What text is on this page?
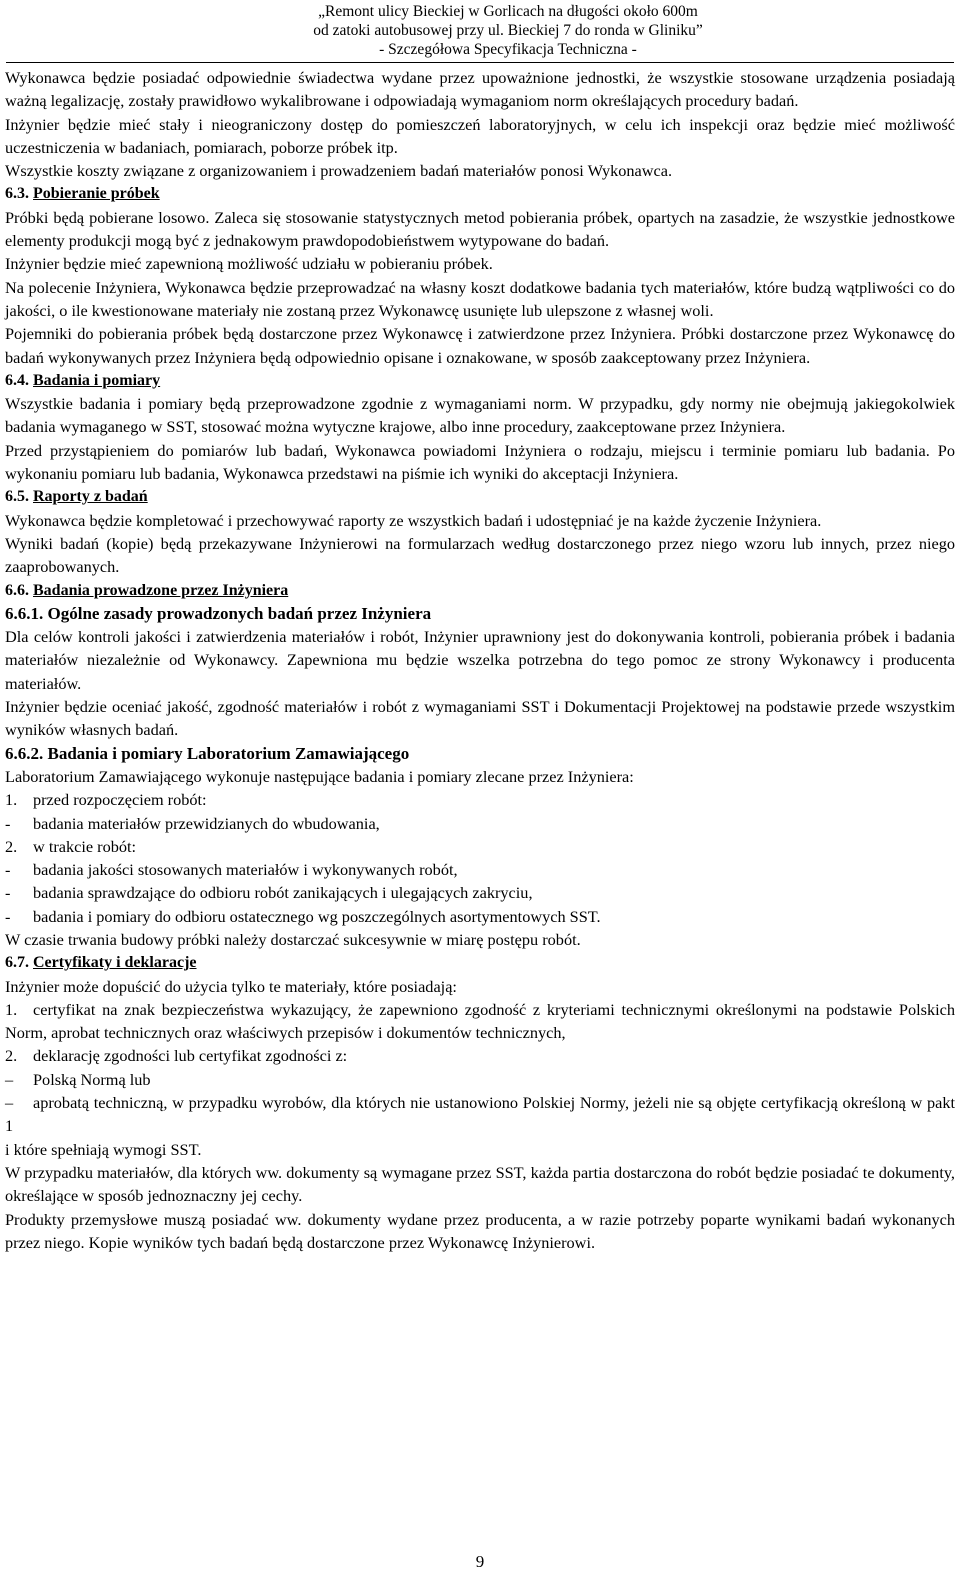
„Remont ulicy Bieckiej w Gorlicach na długości około 600m
od zatoki autobusowej przy ul. Bieckiej 7 do ronda w Gliniku”
- Szczegółowa Specyfikacja Techniczna -

Wykonawca będzie posiadać odpowiednie świadectwa wydane przez upoważnione jednostki, że wszystkie stosowane urządzenia posiadają ważną legalizację, zostały prawidłowo wykalibrowane i odpowiadają wymaganiom norm określających procedury badań.

Inżynier będzie mieć stały i nieograniczony dostęp do pomieszczeń laboratoryjnych, w celu ich inspekcji oraz będzie mieć możliwość uczestniczenia w badaniach, pomiarach, poborze próbek itp.

Wszystkie koszty związane z organizowaniem i prowadzeniem badań materiałów ponosi Wykonawca.

6.3. Pobieranie próbek

Próbki będą pobierane losowo. Zaleca się stosowanie statystycznych metod pobierania próbek, opartych na zasadzie, że wszystkie jednostkowe elementy produkcji mogą być z jednakowym prawdopodobieństwem wytypowane do badań.

Inżynier będzie mieć zapewnioną możliwość udziału w pobieraniu próbek.

Na polecenie Inżyniera, Wykonawca będzie przeprowadzać na własny koszt dodatkowe badania tych materiałów, które budzą wątpliwości co do jakości, o ile kwestionowane materiały nie zostaną przez Wykonawcę usunięte lub ulepszone z własnej woli.

Pojemniki do pobierania próbek będą dostarczone przez Wykonawcę i zatwierdzone przez Inżyniera. Próbki dostarczone przez Wykonawcę do badań wykonywanych przez Inżyniera będą odpowiednio opisane i oznakowane, w sposób zaakceptowany przez Inżyniera.

6.4. Badania i pomiary

Wszystkie badania i pomiary będą przeprowadzone zgodnie z wymaganiami norm. W przypadku, gdy normy nie obejmują jakiegokolwiek badania wymaganego w SST, stosować można wytyczne krajowe, albo inne procedury, zaakceptowane przez Inżyniera.

Przed przystąpieniem do pomiarów lub badań, Wykonawca powiadomi Inżyniera o rodzaju, miejscu i terminie pomiaru lub badania. Po wykonaniu pomiaru lub badania, Wykonawca przedstawi na piśmie ich wyniki do akceptacji Inżyniera.

6.5. Raporty z badań

Wykonawca będzie kompletować i przechowywać raporty ze wszystkich badań i udostępniać je na każde życzenie Inżyniera.

Wyniki badań (kopie) będą przekazywane Inżynierowi na formularzach według dostarczonego przez niego wzoru lub innych, przez niego zaaprobowanych.

6.6. Badania prowadzone przez Inżyniera

6.6.1. Ogólne zasady prowadzonych badań przez Inżyniera

Dla celów kontroli jakości i zatwierdzenia materiałów i robót, Inżynier uprawniony jest do dokonywania kontroli, pobierania próbek i badania materiałów niezależnie od Wykonawcy. Zapewniona mu będzie wszelka potrzebna do tego pomoc ze strony Wykonawcy i producenta materiałów.

Inżynier będzie oceniać jakość, zgodność materiałów i robót z wymaganiami SST i Dokumentacji Projektowej na podstawie przede wszystkim wyników własnych badań.

6.6.2. Badania i pomiary Laboratorium Zamawiającego

Laboratorium Zamawiającego wykonuje następujące badania i pomiary zlecane przez Inżyniera:

1. przed rozpoczęciem robót:
-	badania materiałów przewidzianych do wbudowania,
2. w trakcie robót:
-	badania jakości stosowanych materiałów i wykonywanych robót,
-	badania sprawdzające do odbioru robót zanikających i ulegających zakryciu,
-	badania i pomiary do odbioru ostatecznego wg poszczególnych asortymentowych SST.

W czasie trwania budowy próbki należy dostarczać sukcesywnie w miarę postępu robót.

6.7. Certyfikaty i deklaracje

Inżynier może dopuścić do użycia tylko te materiały, które posiadają:

1. certyfikat na znak bezpieczeństwa wykazujący, że zapewniono zgodność z kryteriami technicznymi określonymi na podstawie Polskich Norm, aprobat technicznych oraz właściwych przepisów i dokumentów technicznych,

2. deklarację zgodności lub certyfikat zgodności z:

–	Polską Normą lub

– aprobatą techniczną, w przypadku wyrobów, dla których nie ustanowiono Polskiej Normy, jeżeli nie są objęte certyfikacją określoną w pakt 1

i które spełniają wymogi SST.

W przypadku materiałów, dla których ww. dokumenty są wymagane przez SST, każda partia dostarczona do robót będzie posiadać te dokumenty, określające w sposób jednoznaczny jej cechy.

Produkty przemysłowe muszą posiadać ww. dokumenty wydane przez producenta, a w razie potrzeby poparte wynikami badań wykonanych przez niego. Kopie wyników tych badań będą dostarczone przez Wykonawcę Inżynierowi.

9
